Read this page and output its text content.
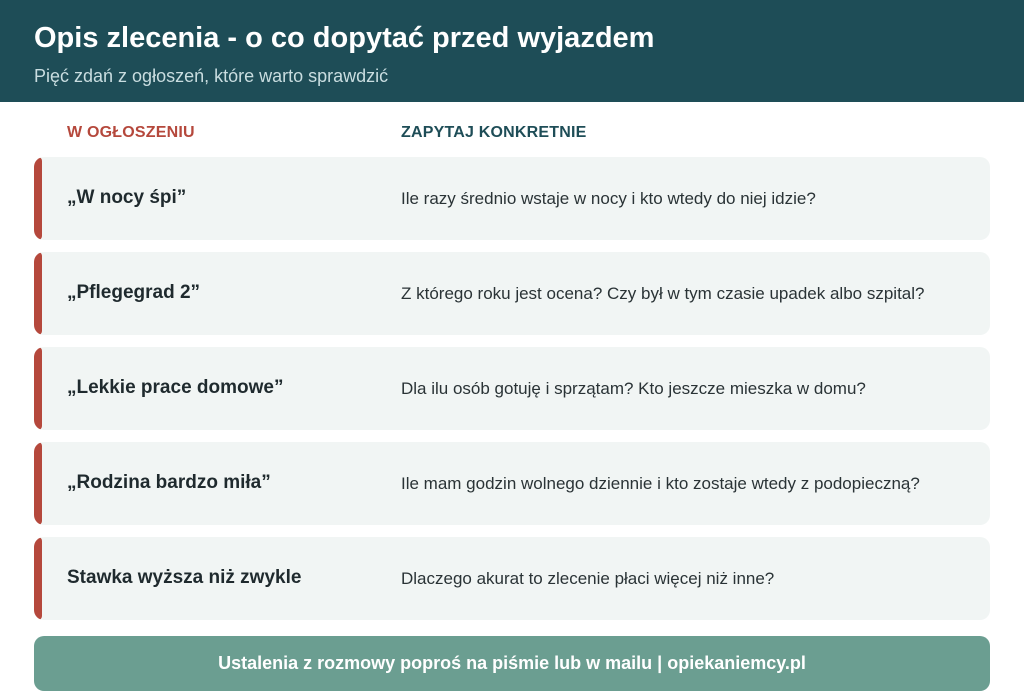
Opis zlecenia - o co dopytać przed wyjazdem
Pięć zdań z ogłoszeń, które warto sprawdzić
W OGŁOSZENIU	ZAPYTAJ KONKRETNIE
„W nocy śpi”	Ile razy średnio wstaje w nocy i kto wtedy do niej idzie?
„Pflegegrad 2”	Z którego roku jest ocena? Czy był w tym czasie upadek albo szpital?
„Lekkie prace domowe”	Dla ilu osób gotuję i sprzątam? Kto jeszcze mieszka w domu?
„Rodzina bardzo miła”	Ile mam godzin wolnego dziennie i kto zostaje wtedy z podopieczną?
Stawka wyższa niż zwykle	Dlaczego akurat to zlecenie płaci więcej niż inne?
Ustalenia z rozmowy poproś na piśmie lub w mailu | opiekaniemcy.pl
